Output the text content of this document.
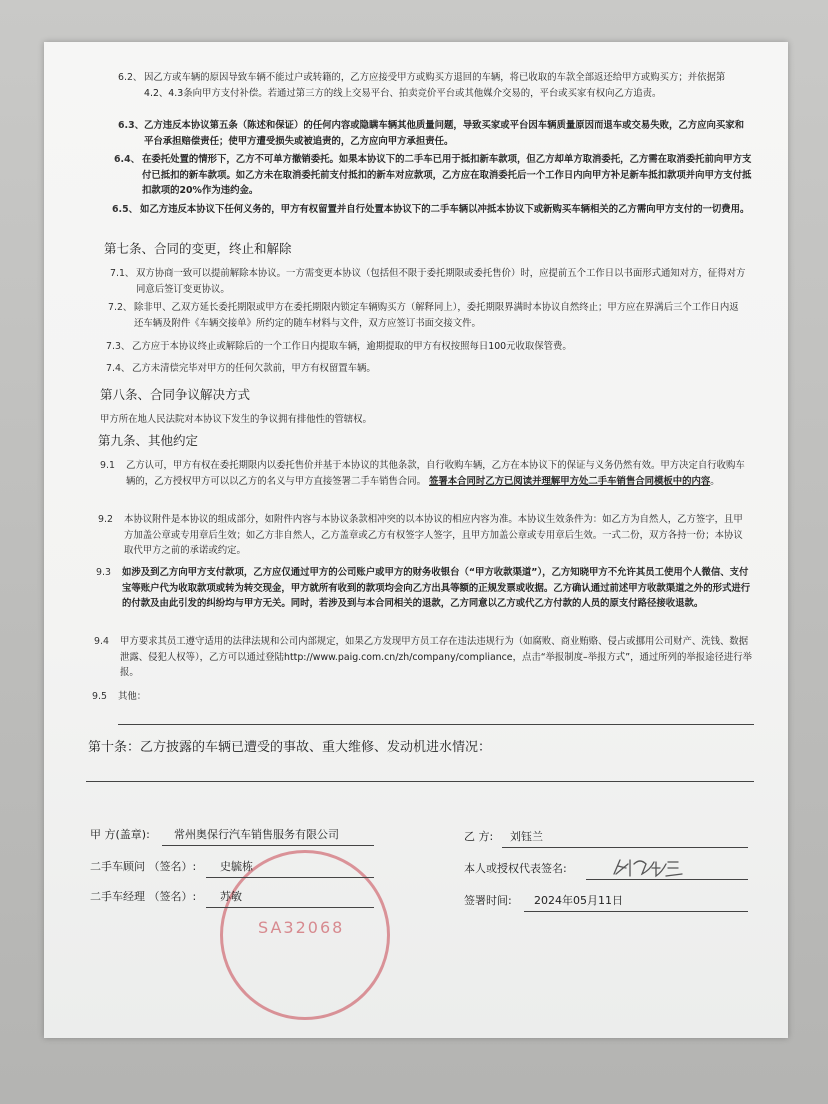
6.2、 因乙方或车辆的原因导致车辆不能过户或转籍的，乙方应接受甲方或购买方退回的车辆，将已收取的车款全部返还给甲方或购买方；并依据第4.2、4.3条向甲方支付补偿。若通过第三方的线上交易平台、拍卖竞价平台或其他媒介交易的，平台或买家有权向乙方追责。
6.3、 乙方违反本协议第五条（陈述和保证）的任何内容或隐瞒车辆其他质量问题，导致买家或平台因车辆质量原因而退车或交易失败，乙方应向买家和平台承担赔偿责任；使甲方遭受损失或被追责的，乙方应向甲方承担责任。
6.4、 在委托处置的情形下，乙方不可单方撤销委托。如果本协议下的二手车已用于抵扣新车款项，但乙方却单方取消委托，乙方需在取消委托前向甲方支付已抵扣的新车款项。如乙方未在取消委托前支付抵扣的新车对应款项，乙方应在取消委托后一个工作日内向甲方补足新车抵扣款项并向甲方支付抵扣款项的20%作为违约金。
6.5、 如乙方违反本协议下任何义务的，甲方有权留置并自行处置本协议下的二手车辆以冲抵本协议下或新购买车辆相关的乙方需向甲方支付的一切费用。
第七条、合同的变更，终止和解除
7.1、 双方协商一致可以提前解除本协议。一方需变更本协议（包括但不限于委托期限或委托售价）时，应提前五个工作日以书面形式通知对方，征得对方同意后签订变更协议。
7.2、 除非甲、乙双方延长委托期限或甲方在委托期限内锁定车辆购买方（解释同上），委托期限界满时本协议自然终止；甲方应在界满后三个工作日内返还车辆及附件《车辆交接单》所约定的随车材料与文件，双方应签订书面交接文件。
7.3、 乙方应于本协议终止或解除后的一个工作日内提取车辆，逾期提取的甲方有权按照每日100元收取保管费。
7.4、 乙方未清偿完毕对甲方的任何欠款前，甲方有权留置车辆。
第八条、合同争议解决方式
甲方所在地人民法院对本协议下发生的争议拥有排他性的管辖权。
第九条、其他约定
9.1 乙方认可，甲方有权在委托期限内以委托售价并基于本协议的其他条款，自行收购车辆，乙方在本协议下的保证与义务仍然有效。甲方决定自行收购车辆的，乙方授权甲方可以以乙方的名义与甲方直接签署二手车销售合同。 签署本合同时乙方已阅读并理解甲方处二手车销售合同模板中的内容。
9.2 本协议附件是本协议的组成部分，如附件内容与本协议条款相冲突的以本协议的相应内容为准。本协议生效条件为：如乙方为自然人，乙方签字，且甲方加盖公章或专用章后生效；如乙方非自然人，乙方盖章或乙方有权签字人签字，且甲方加盖公章或专用章后生效。一式二份，双方各持一份；本协议取代甲方之前的承诺或约定。
9.3 如涉及到乙方向甲方支付款项，乙方应仅通过甲方的公司账户或甲方的财务收银台（“甲方收款渠道”），乙方知晓甲方不允许其员工使用个人微信、支付宝等账户代为收取款项或转为转交现金，甲方就所有收到的款项均会向乙方出具等额的正规发票或收据。乙方确认通过前述甲方收款渠道之外的形式进行的付款及由此引发的纠纷均与甲方无关。同时，若涉及到与本合同相关的退款，乙方同意以乙方或代乙方付款的人员的原支付路径接收退款。
9.4 甲方要求其员工遵守适用的法律法规和公司内部规定，如果乙方发现甲方员工存在违法违规行为（如腐败、商业贿赂、侵占或挪用公司财产、洗钱、数据泄露、侵犯人权等），乙方可以通过登陆http://www.paig.com.cn/zh/company/compliance，点击“举报制度–举报方式”，通过所列的举报途径进行举报。
9.5 其他：
第十条：乙方披露的车辆已遭受的事故、重大维修、发动机进水情况：
SA32068
甲 方(盖章): 常州奥保行汽车销售服务有限公司
二手车顾问 （签名）: 史毓栋
二手车经理 （签名）: 苏敏
乙 方: 刘钰兰
本人或授权代表签名:
签署时间: 2024年05月11日
